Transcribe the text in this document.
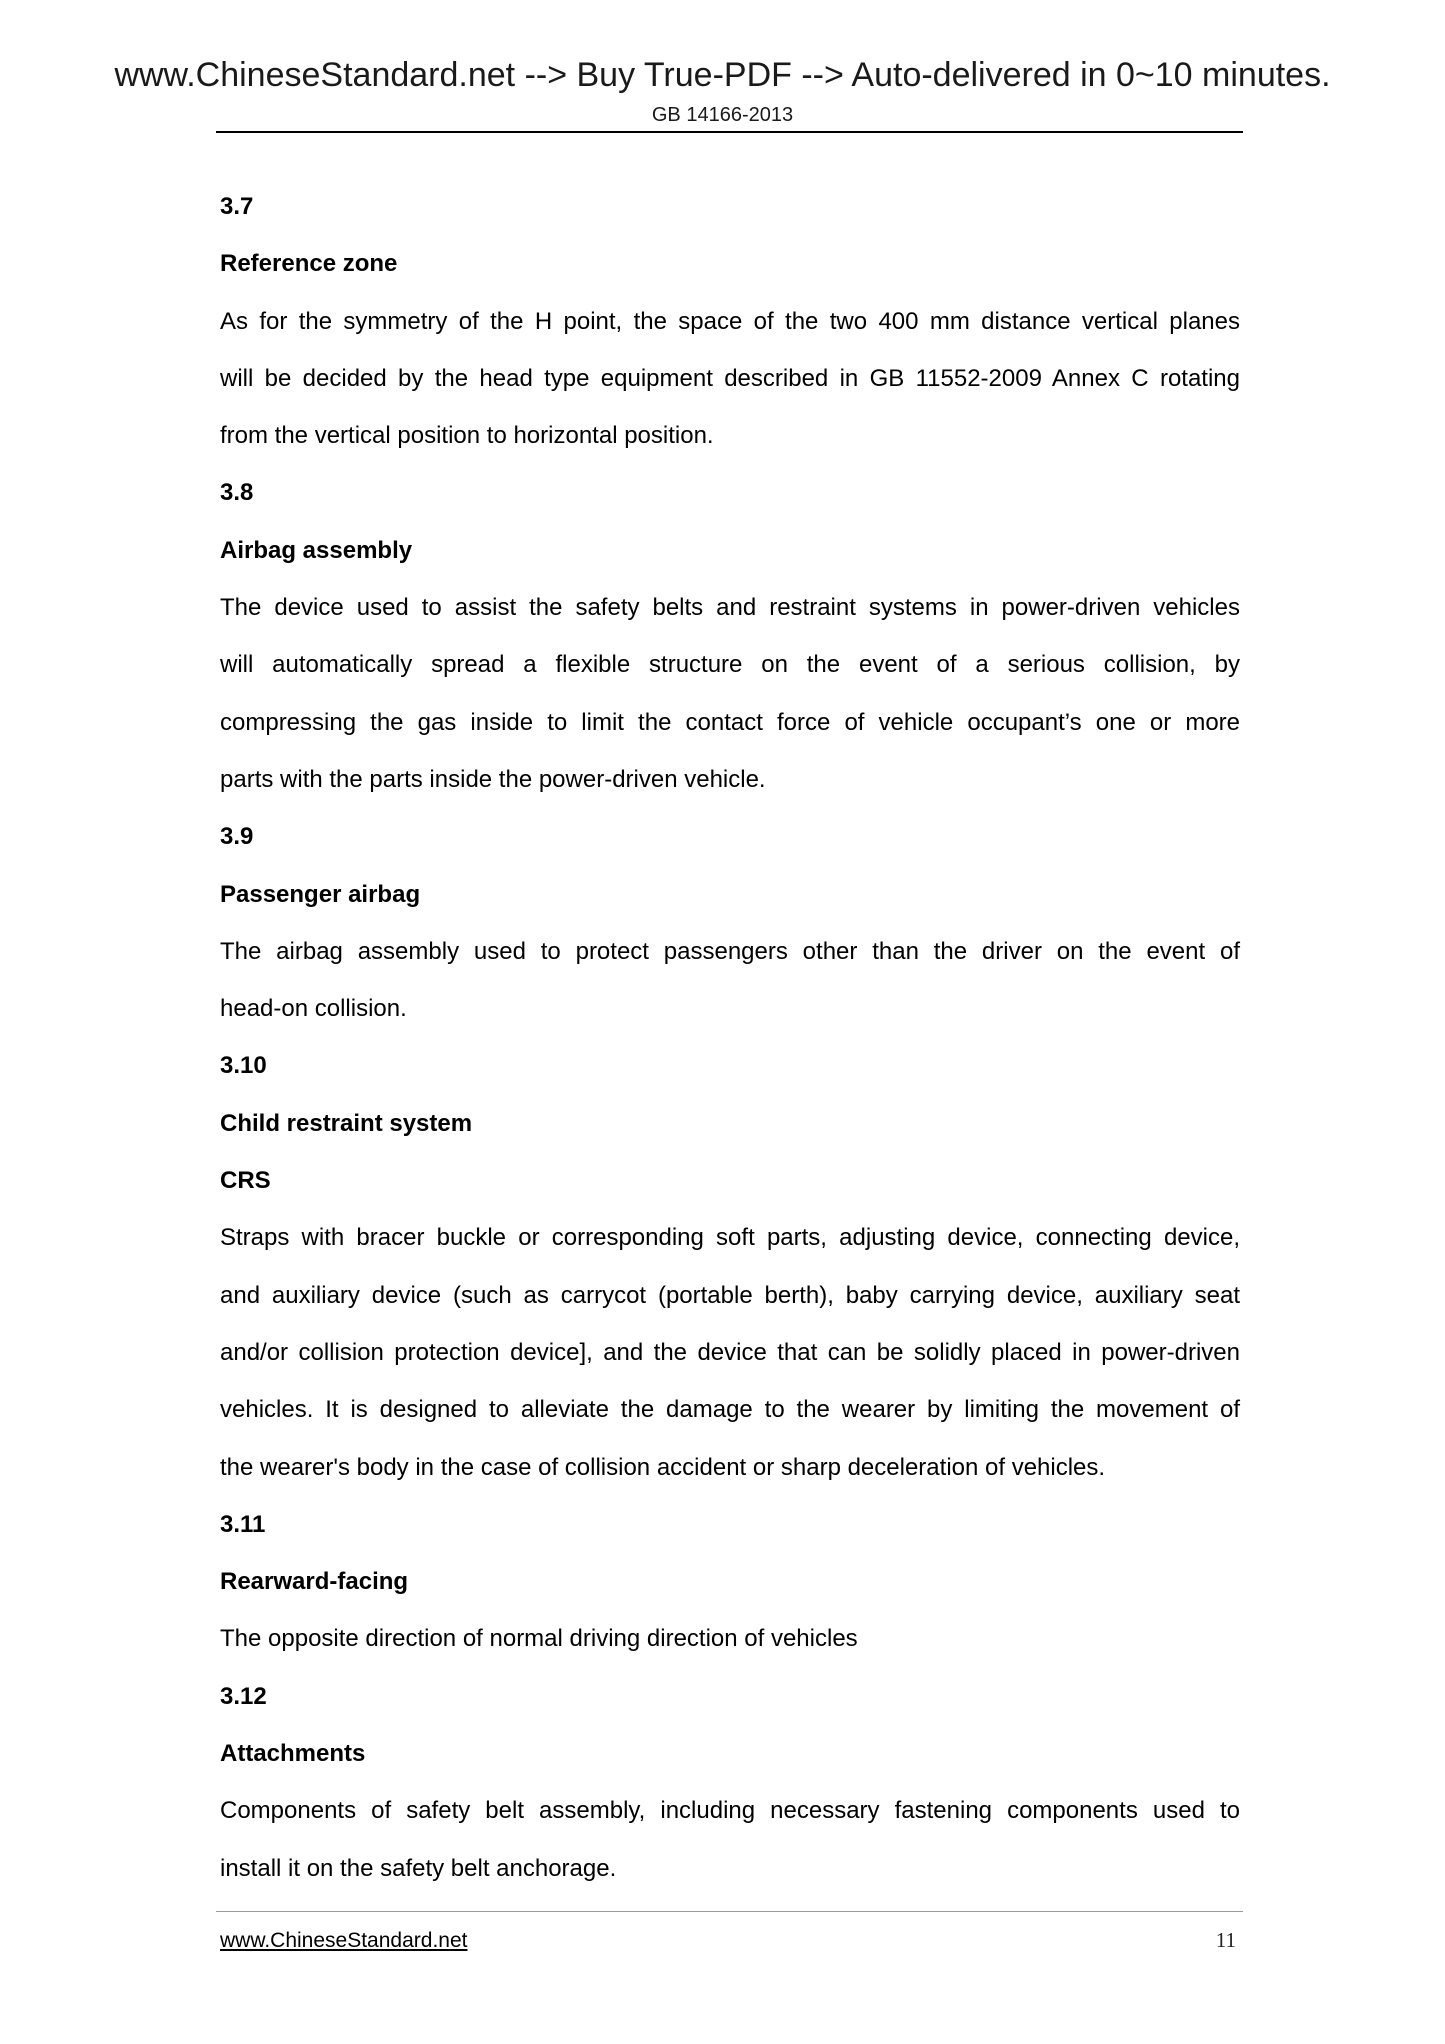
www.ChineseStandard.net --> Buy True-PDF --> Auto-delivered in 0~10 minutes.
GB 14166-2013
3.7
Reference zone
As for the symmetry of the H point, the space of the two 400 mm distance vertical planes
will be decided by the head type equipment described in GB 11552-2009 Annex C rotating
from the vertical position to horizontal position.
3.8
Airbag assembly
The device used to assist the safety belts and restraint systems in power-driven vehicles
will automatically spread a flexible structure on the event of a serious collision, by
compressing the gas inside to limit the contact force of vehicle occupant’s one or more
parts with the parts inside the power-driven vehicle.
3.9
Passenger airbag
The airbag assembly used to protect passengers other than the driver on the event of
head-on collision.
3.10
Child restraint system
CRS
Straps with bracer buckle or corresponding soft parts, adjusting device, connecting device,
and auxiliary device (such as carrycot (portable berth), baby carrying device, auxiliary seat
and/or collision protection device], and the device that can be solidly placed in power-driven
vehicles. It is designed to alleviate the damage to the wearer by limiting the movement of
the wearer's body in the case of collision accident or sharp deceleration of vehicles.
3.11
Rearward-facing
The opposite direction of normal driving direction of vehicles
3.12
Attachments
Components of safety belt assembly, including necessary fastening components used to
install it on the safety belt anchorage.
www.ChineseStandard.net	11
